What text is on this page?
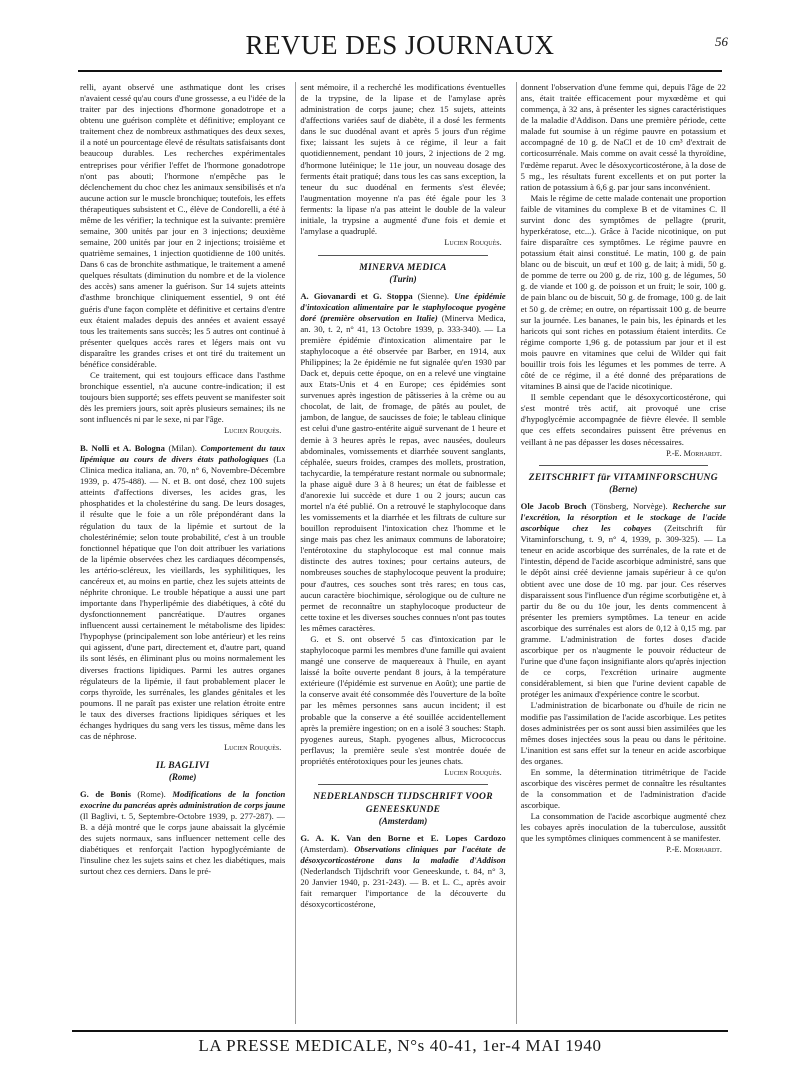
REVUE DES JOURNAUX	56

relli, ayant observé une asthmatique dont les crises n'avaient cessé qu'au cours d'une grossesse, a eu l'idée de la traiter par des injections d'hormone gonadotrope et a obtenu une guérison complète et définitive; employant ce traitement chez de nombreux asthmatiques des deux sexes, il a noté un pourcentage élevé de résultats satisfaisants dont beaucoup durables. Les recherches expérimentales entreprises pour vérifier l'effet de l'hormone gonadotrope n'ont pas abouti; l'hormone n'empêche pas le déclenchement du choc chez les animaux sensibilisés et n'a aucune action sur le muscle bronchique; toutefois, les effets thérapeutiques subsistent et C., élève de Condorelli, a été à même de les vérifier; la technique est la suivante: première semaine, 300 unités par jour en 3 injections; deuxième semaine, 200 unités par jour en 2 injections; troisième et quatrième semaines, 1 injection quotidienne de 100 unités. Dans 6 cas de bronchite asthmatique, le traitement a amené quelques résultats (diminution du nombre et de la violence des accès) sans amener la guérison. Sur 14 sujets atteints d'asthme bronchique cliniquement essentiel, 9 ont été guéris d'une façon complète et définitive et certains d'entre eux étaient malades depuis des années et avaient essayé tous les traitements sans succès; les 5 autres ont continué à présenter quelques accès rares et légers mais ont vu disparaître les grandes crises et ont tiré du traitement un bénéfice considérable.

Ce traitement, qui est toujours efficace dans l'asthme bronchique essentiel, n'a aucune contre-indication; il est toujours bien supporté; ses effets peuvent se manifester soit dès les premiers jours, soit après plusieurs semaines; ils ne sont influencés ni par le sexe, ni par l'âge.

Lucien Rouquès.

B. Nolli et A. Bologna (Milan). Comportement du taux lipémique au cours de divers états pathologiques (La Clinica medica italiana, an. 70, n° 6, Novembre-Décembre 1939, p. 475-488). — N. et B. ont dosé, chez 100 sujets atteints d'affections diverses, les acides gras, les phosphatides et la cholestérine du sang. De leurs dosages, il résulte que le foie a un rôle prépondérant dans la régulation du taux de la lipémie et surtout de la cholestérinémie; selon toute probabilité, c'est à un trouble fonctionnel hépatique que l'on doit attribuer les variations de la lipémie observées chez les cardiaques décompensés, les artério-scléreux, les vieillards, les syphilitiques, les cancéreux et, au moins en partie, chez les sujets atteints de néphrite chronique. Le trouble hépatique a aussi une part importante dans l'hyperlipémie des diabétiques, à côté du dysfonctionnement pancréatique. D'autres organes influencent aussi certainement le métabolisme des lipides: l'hypophyse (principalement son lobe antérieur) et les reins qui agissent, d'une part, directement et, d'autre part, quand ils sont lésés, en éliminant plus ou moins normalement les diverses fractions lipidiques. Parmi les autres organes régulateurs de la lipémie, il faut probablement placer le corps thyroïde, les surrénales, les glandes génitales et les poumons. Il ne paraît pas exister une relation étroite entre le taux des diverses fractions lipidiques sériques et les échanges hydriques du sang vers les tissus, même dans les cas de néphrose.

Lucien Rouquès.
IL BAGLIVI
(Rome)

G. de Bonis (Rome). Modifications de la fonction exocrine du pancréas après administration de corps jaune (Il Baglivi, t. 5, Septembre-Octobre 1939, p. 277-287). — B. a déjà montré que le corps jaune abaissait la glycémie des sujets normaux, sans influencer nettement celle des diabétiques et renforçait l'action hypoglycémiante de l'insuline chez les sujets sains et chez les diabétiques, mais surtout chez ces derniers. Dans le pré-

sent mémoire, il a recherché les modifications éventuelles de la trypsine, de la lipase et de l'amylase après administration de corps jaune; chez 15 sujets, atteints d'affections variées sauf de diabète, il a dosé les ferments dans le suc duodénal avant et après 5 jours d'un régime fixe; laissant les sujets à ce régime, il leur a fait quotidiennement, pendant 10 jours, 2 injections de 2 mg. d'hormone lutéinique; le 11e jour, un nouveau dosage des ferments était pratiqué; dans tous les cas sans exception, la teneur du suc duodénal en ferments s'est élevée; l'augmentation moyenne n'a pas été égale pour les 3 ferments: la lipase n'a pas atteint le double de la valeur initiale, la trypsine a augmenté d'une fois et demie et l'amylase a quadruplé.

Lucien Rouquès.
MINERVA MEDICA
(Turin)

A. Giovanardi et G. Stoppa (Sienne). Une épidémie d'intoxication alimentaire par le staphylocoque pyogène doré (première observation en Italie) (Minerva Medica, an. 30, t. 2, n° 41, 13 Octobre 1939, p. 333-340). — La première épidémie d'intoxication alimentaire par le staphylocoque a été observée par Barber, en 1914, aux Philippines; la 2e épidémie ne fut signalée qu'en 1930 par Dack et, depuis cette époque, on en a relevé une vingtaine aux Etats-Unis et 4 en Europe; ces épidémies sont survenues après ingestion de pâtisseries à la crème ou au chocolat, de lait, de fromage, de pâtés au poulet, de jambon, de langue, de saucisses de foie; le tableau clinique est celui d'une gastro-entérite aiguë survenant de 1 heure et demie à 3 heures après le repas, avec nausées, douleurs abdominales, vomissements et diarrhée souvent sanglants, céphalée, sueurs froides, crampes des mollets, prostration, tachycardie, la température restant normale ou subnormale; la phase aiguë dure 3 à 8 heures; un état de faiblesse et d'anorexie lui succède et dure 1 ou 2 jours; aucun cas mortel n'a été publié. On a retrouvé le staphylocoque dans les vomissements et la diarrhée et les filtrats de culture sur bouillon reproduisent l'intoxication chez l'homme et le singe mais pas chez les animaux communs de laboratoire; l'entérotoxine du staphylocoque est mal connue mais distincte des autres toxines; pour certains auteurs, de nombreuses souches de staphylocoque peuvent la produire; pour d'autres, ces souches sont très rares; en tous cas, aucun caractère biochimique, sérologique ou de culture ne permet de reconnaître un staphylocoque producteur de cette toxine et les diverses souches connues n'ont pas toutes les mêmes caractères.

G. et S. ont observé 5 cas d'intoxication par le staphylocoque parmi les membres d'une famille qui avaient mangé une conserve de maquereaux à l'huile, en ayant laissé la boîte ouverte pendant 8 jours, à la température extérieure (l'épidémie est survenue en Août); une partie de la conserve avait été consommée dès l'ouverture de la boîte par les mêmes personnes sans aucun incident; il est probable que la conserve a été souillée accidentellement après la première ingestion; on en a isolé 3 souches: Staph. pyogenes aureus, Staph. pyogenes albus, Micrococcus perflavus; la première seule s'est montrée douée de propriétés entérotoxiques pour les jeunes chats.

Lucien Rouquès.
NEDERLANDSCH TIJDSCHRIFT VOOR GENEESKUNDE
(Amsterdam)

G. A. K. Van den Borne et E. Lopes Cardozo (Amsterdam). Observations cliniques par l'acétate de désoxycorticostérone dans la maladie d'Addison (Nederlandsch Tijdschrift voor Geneeskunde, t. 84, n° 3, 20 Janvier 1940, p. 231-243). — B. et L. C., après avoir fait remarquer l'importance de la découverte du désoxycorticostérone,

donnent l'observation d'une femme qui, depuis l'âge de 22 ans, était traitée efficacement pour myxœdème et qui commença, à 32 ans, à présenter les signes caractéristiques de la maladie d'Addison. Dans une première période, cette malade fut soumise à un régime pauvre en potassium et accompagné de 10 g. de NaCl et de 10 cm³ d'extrait de corticosurrénale. Mais comme on avait cessé la thyroïdine, l'œdème reparut. Avec le désoxycorticostérone, à la dose de 5 mg., les résultats furent excellents et on put porter la ration de potassium à 6,6 g. par jour sans inconvénient.

Mais le régime de cette malade contenait une proportion faible de vitamines du complexe B et de vitamines C. Il survint donc des symptômes de pellagre (prurit, hyperkératose, etc...). Grâce à l'acide nicotinique, on put faire disparaître ces symptômes. Le régime pauvre en potassium était ainsi constitué. Le matin, 100 g. de pain blanc ou de biscuit, un œuf et 100 g. de lait; à midi, 50 g. de pomme de terre ou 200 g. de riz, 100 g. de légumes, 50 g. de viande et 100 g. de poisson et un fruit; le soir, 100 g. de pain blanc ou de biscuit, 50 g. de fromage, 100 g. de lait et 50 g. de crème; en outre, on répartissait 100 g. de beurre sur la journée. Les bananes, le pain bis, les épinards et les haricots qui sont riches en potassium étaient interdits. Ce régime comporte 1,96 g. de potassium par jour et il est mois pauvre en vitamines que celui de Wilder qui fait bouillir trois fois les légumes et les pommes de terre. A côté de ce régime, il a été donné des préparations de vitamines B ainsi que de l'acide nicotinique.

Il semble cependant que le désoxycorticostérone, qui s'est montré très actif, ait provoqué une crise d'hypoglycémie accompagnée de fièvre élevée. Il semble que ces effets secondaires puissent être prévenus en veillant à ne pas dépasser les doses nécessaires.

P.-E. Morhardt.
ZEITSCHRIFT für VITAMINFORSCHUNG
(Berne)

Ole Jacob Broch (Tönsberg, Norvège). Recherche sur l'excrétion, la résorption et le stockage de l'acide ascorbique chez les cobayes (Zeitschrift für Vitaminforschung, t. 9, n° 4, 1939, p. 309-325). — La teneur en acide ascorbique des surrénales, de la rate et de l'intestin, dépend de l'acide ascorbique administré, sans que le dépôt ainsi créé devienne jamais supérieur à ce qu'on obtient avec une dose de 10 mg. par jour. Ces réserves disparaissent sous l'influence d'un régime scorbutigène et, à partir du 8e ou du 10e jour, les dents commencent à présenter les premiers symptômes. La teneur en acide ascorbique des surrénales est alors de 0,12 à 0,15 mg. par gramme. L'administration de fortes doses d'acide ascorbique per os n'augmente le pouvoir réducteur de l'urine que d'une façon insignifiante alors qu'après injection de ce corps, l'excrétion urinaire augmente considérablement, si bien que l'urine devient capable de protéger les animaux d'expérience contre le scorbut.

L'administration de bicarbonate ou d'huile de ricin ne modifie pas l'assimilation de l'acide ascorbique. Les petites doses administrées per os sont aussi bien assimilées que les mêmes doses injectées sous la peau ou dans le péritoine. L'inanition est sans effet sur la teneur en acide ascorbique des organes.

En somme, la détermination titrimétrique de l'acide ascorbique des viscères permet de connaître les résultantes de la consommation et de l'administration d'acide ascorbique.

La consommation de l'acide ascorbique augmenté chez les cobayes après inoculation de la tuberculose, aussitôt que les symptômes cliniques commencent à se manifester.

P.-E. Morhardt.
LA PRESSE MEDICALE, N°s 40-41, 1er-4 MAI 1940
